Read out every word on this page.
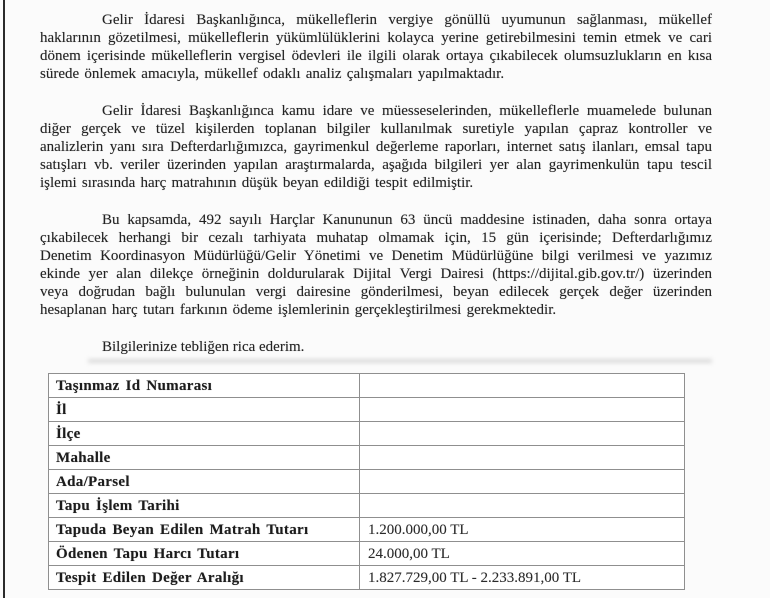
Gelir İdaresi Başkanlığınca, mükelleflerin vergiye gönüllü uyumunun sağlanması, mükellef haklarının gözetilmesi, mükelleflerin yükümlülüklerini kolayca yerine getirebilmesini temin etmek ve cari dönem içerisinde mükelleflerin vergisel ödevleri ile ilgili olarak ortaya çıkabilecek olumsuzlukların en kısa sürede önlemek amacıyla, mükellef odaklı analiz çalışmaları yapılmaktadır.

Gelir İdaresi Başkanlığınca kamu idare ve müesseselerinden, mükelleflerle muamelede bulunan diğer gerçek ve tüzel kişilerden toplanan bilgiler kullanılmak suretiyle yapılan çapraz kontroller ve analizlerin yanı sıra Defterdarlığımızca, gayrimenkul değerleme raporları, internet satış ilanları, emsal tapu satışları vb. veriler üzerinden yapılan araştırmalarda, aşağıda bilgileri yer alan gayrimenkulün tapu tescil işlemi sırasında harç matrahının düşük beyan edildiği tespit edilmiştir.

Bu kapsamda, 492 sayılı Harçlar Kanununun 63 üncü maddesine istinaden, daha sonra ortaya çıkabilecek herhangi bir cezalı tarhiyata muhatap olmamak için, 15 gün içerisinde; Defterdarlığımız Denetim Koordinasyon Müdürlüğü/Gelir Yönetimi ve Denetim Müdürlüğüne bilgi verilmesi ve yazımız ekinde yer alan dilekçe örneğinin doldurularak Dijital Vergi Dairesi (https://dijital.gib.gov.tr/) üzerinden veya doğrudan bağlı bulunulan vergi dairesine gönderilmesi, beyan edilecek gerçek değer üzerinden hesaplanan harç tutarı farkının ödeme işlemlerinin gerçekleştirilmesi gerekmektedir.

Bilgilerinize tebliğen rica ederim.

Taşınmaz Id Numarası	
İl	
İlçe	
Mahalle	
Ada/Parsel	
Tapu İşlem Tarihi	
Tapuda Beyan Edilen Matrah Tutarı	1.200.000,00 TL
Ödenen Tapu Harcı Tutarı	24.000,00 TL
Tespit Edilen Değer Aralığı	1.827.729,00 TL - 2.233.891,00 TL
